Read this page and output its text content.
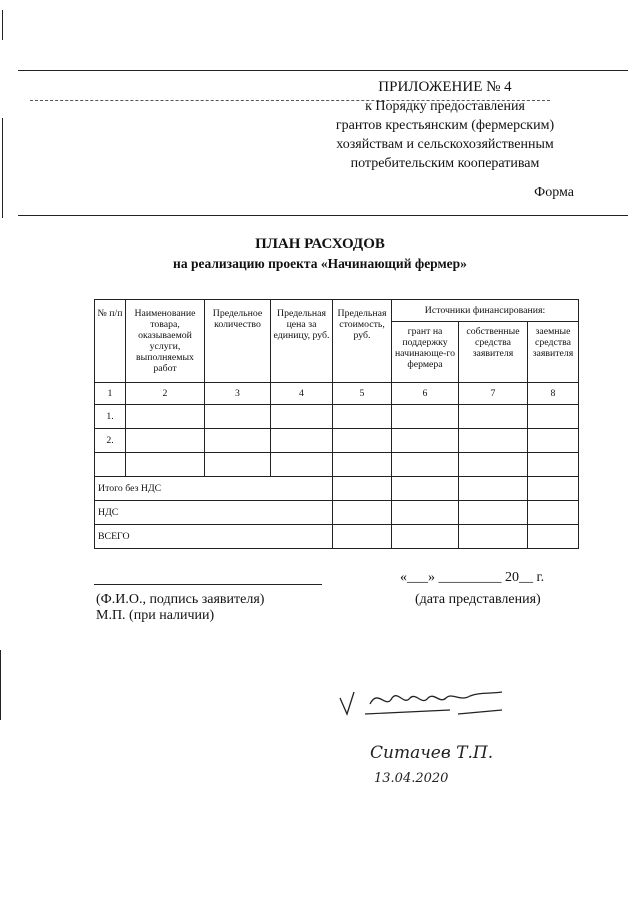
ПРИЛОЖЕНИЕ № 4
к Порядку предоставления
грантов крестьянским (фермерским)
хозяйствам и сельскохозяйственным
потребительским кооперативам
Форма
ПЛАН РАСХОДОВ
на реализацию проекта «Начинающий фермер»
№ п/п	Наименование товара, оказываемой услуги, выполняемых работ	Предельное количество	Предельная цена за единицу, руб.	Предельная стоимость, руб.	Источники финансирования:		
					грант на поддержку начинающе-го фермера	собственные средства заявителя	заемные средства заявителя
1	2	3	4	5	6	7	8
1.							
2.							

Итого без НДС							
НДС							
ВСЕГО							
(Ф.И.О., подпись заявителя)
М.П. (при наличии)
«___» _________ 20__ г.
(дата представления)
Ситачев Т.П.
13.04.2020
